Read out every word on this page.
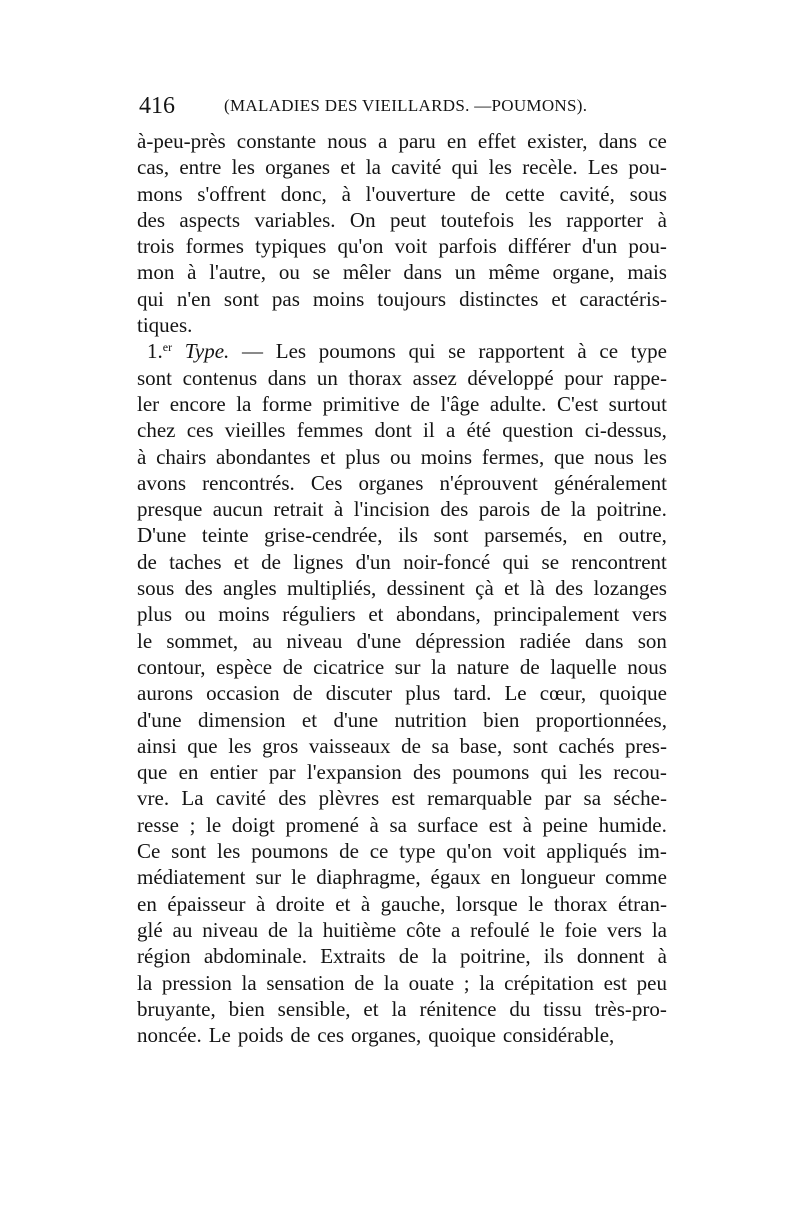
416	(MALADIES DES VIEILLARDS. —POUMONS).
à-peu-près constante nous a paru en effet exister, dans ce
cas, entre les organes et la cavité qui les recèle. Les pou-
mons s'offrent donc, à l'ouverture de cette cavité, sous
des aspects variables. On peut toutefois les rapporter à
trois formes typiques qu'on voit parfois différer d'un pou-
mon à l'autre, ou se mêler dans un même organe, mais
qui n'en sont pas moins toujours distinctes et caractéris-
tiques.
1.$^{er}$ Type. — Les poumons qui se rapportent à ce type
sont contenus dans un thorax assez développé pour rappe-
ler encore la forme primitive de l'âge adulte. C'est surtout
chez ces vieilles femmes dont il a été question ci-dessus,
à chairs abondantes et plus ou moins fermes, que nous les
avons rencontrés. Ces organes n'éprouvent généralement
presque aucun retrait à l'incision des parois de la poitrine.
D'une teinte grise-cendrée, ils sont parsemés, en outre,
de taches et de lignes d'un noir-foncé qui se rencontrent
sous des angles multipliés, dessinent çà et là des lozanges
plus ou moins réguliers et abondans, principalement vers
le sommet, au niveau d'une dépression radiée dans son
contour, espèce de cicatrice sur la nature de laquelle nous
aurons occasion de discuter plus tard. Le cœur, quoique
d'une dimension et d'une nutrition bien proportionnées,
ainsi que les gros vaisseaux de sa base, sont cachés pres-
que en entier par l'expansion des poumons qui les recou-
vre. La cavité des plèvres est remarquable par sa séche-
resse ; le doigt promené à sa surface est à peine humide.
Ce sont les poumons de ce type qu'on voit appliqués im-
médiatement sur le diaphragme, égaux en longueur comme
en épaisseur à droite et à gauche, lorsque le thorax étran-
glé au niveau de la huitième côte a refoulé le foie vers la
région abdominale. Extraits de la poitrine, ils donnent à
la pression la sensation de la ouate ; la crépitation est peu
bruyante, bien sensible, et la rénitence du tissu très-pro-
noncée. Le poids de ces organes, quoique considérable,
